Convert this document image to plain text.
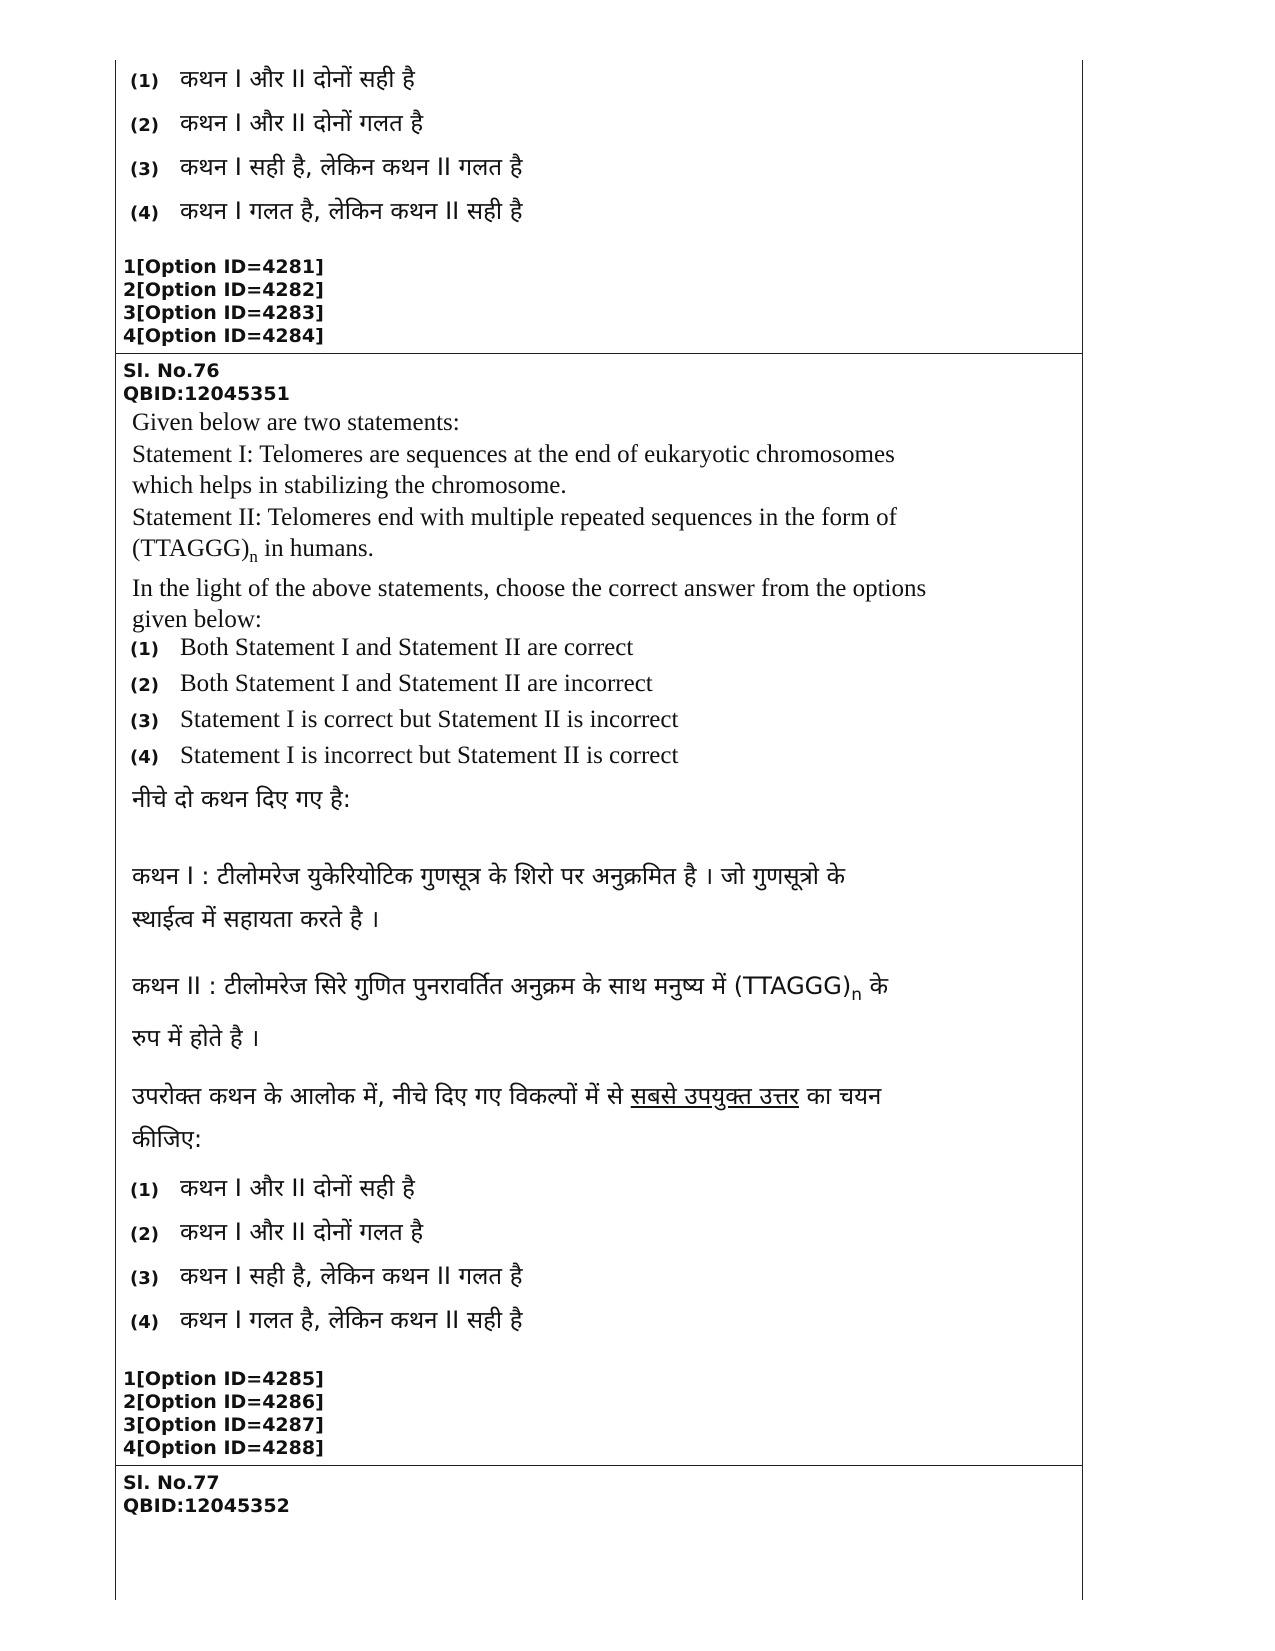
(1) कथन I और II दोनों सही है
(2) कथन I और II दोनों गलत है
(3) कथन I सही है, लेकिन कथन II गलत है
(4) कथन I गलत है, लेकिन कथन II सही है
1[Option ID=4281]
2[Option ID=4282]
3[Option ID=4283]
4[Option ID=4284]
Sl. No.76
QBID:12045351
Given below are two statements:
Statement I: Telomeres are sequences at the end of eukaryotic chromosomes
which helps in stabilizing the chromosome.
Statement II: Telomeres end with multiple repeated sequences in the form of
$(TTAGGG)_n$ in humans.
In the light of the above statements, choose the correct answer from the options
given below:
(1) Both Statement I and Statement II are correct
(2) Both Statement I and Statement II are incorrect
(3) Statement I is correct but Statement II is incorrect
(4) Statement I is incorrect but Statement II is correct
नीचे दो कथन दिए गए है:
कथन I : टीलोमरेज युकेरियोटिक गुणसूत्र के शिरो पर अनुक्रमित है । जो गुणसूत्रो के
स्थाईत्व में सहायता करते है ।
कथन II : टीलोमरेज सिरे गुणित पुनरावर्तित अनुक्रम के साथ मनुष्य में $(TTAGGG)_n$ के
रुप में होते है ।
उपरोक्त कथन के आलोक में, नीचे दिए गए विकल्पों में से सबसे उपयुक्त उत्तर का चयन
कीजिए:
(1) कथन I और II दोनों सही है
(2) कथन I और II दोनों गलत है
(3) कथन I सही है, लेकिन कथन II गलत है
(4) कथन I गलत है, लेकिन कथन II सही है
1[Option ID=4285]
2[Option ID=4286]
3[Option ID=4287]
4[Option ID=4288]
Sl. No.77
QBID:12045352
